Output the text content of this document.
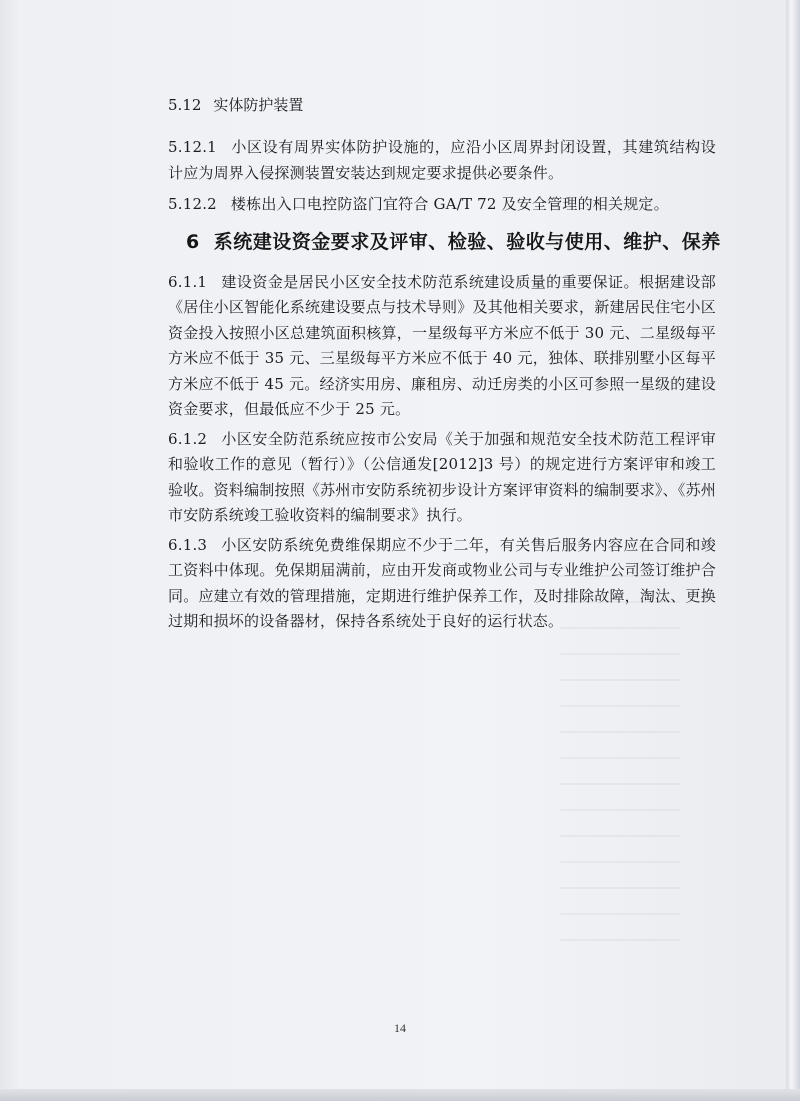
5.12 实体防护装置

5.12.1 小区设有周界实体防护设施的，应沿小区周界封闭设置，其建筑结构设计应为周界入侵探测装置安装达到规定要求提供必要条件。

5.12.2 楼栋出入口电控防盗门宜符合 GA/T 72 及安全管理的相关规定。

6 系统建设资金要求及评审、检验、验收与使用、维护、保养

6.1.1 建设资金是居民小区安全技术防范系统建设质量的重要保证。根据建设部《居住小区智能化系统建设要点与技术导则》及其他相关要求，新建居民住宅小区资金投入按照小区总建筑面积核算，一星级每平方米应不低于 30 元、二星级每平方米应不低于 35 元、三星级每平方米应不低于 40 元，独体、联排别墅小区每平方米应不低于 45 元。经济实用房、廉租房、动迁房类的小区可参照一星级的建设资金要求，但最低应不少于 25 元。

6.1.2 小区安全防范系统应按市公安局《关于加强和规范安全技术防范工程评审和验收工作的意见（暂行）》（公信通发[2012]3 号）的规定进行方案评审和竣工验收。资料编制按照《苏州市安防系统初步设计方案评审资料的编制要求》、《苏州市安防系统竣工验收资料的编制要求》执行。

6.1.3 小区安防系统免费维保期应不少于二年，有关售后服务内容应在合同和竣工资料中体现。免保期届满前，应由开发商或物业公司与专业维护公司签订维护合同。应建立有效的管理措施，定期进行维护保养工作，及时排除故障，淘汰、更换过期和损坏的设备器材，保持各系统处于良好的运行状态。

14
